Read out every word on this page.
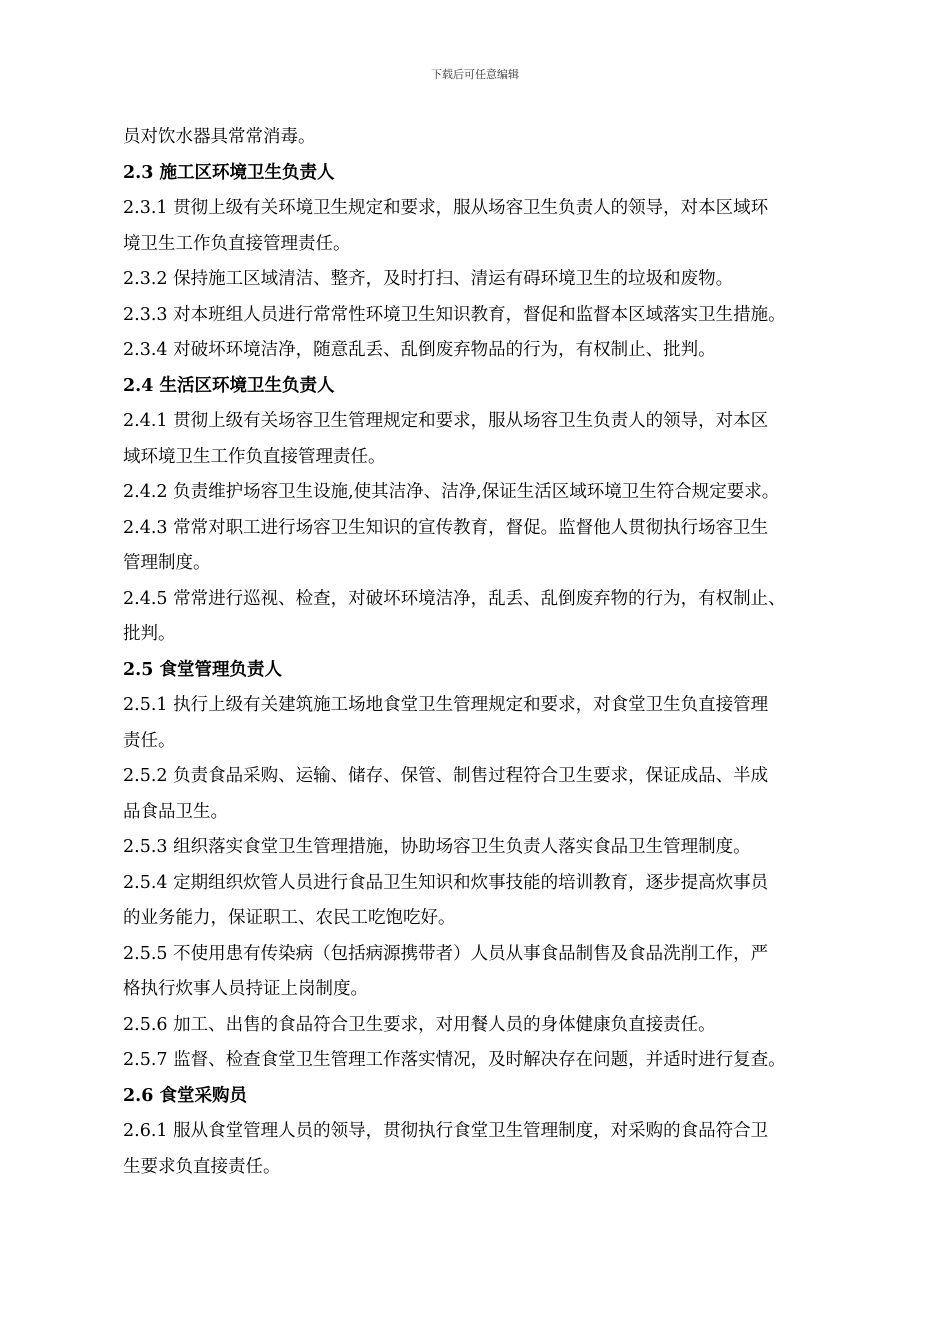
下载后可任意编辑
员对饮水器具常常消毒。
2.3 施工区环境卫生负责人
2.3.1 贯彻上级有关环境卫生规定和要求，服从场容卫生负责人的领导，对本区域环
境卫生工作负直接管理责任。
2.3.2 保持施工区域清洁、整齐，及时打扫、清运有碍环境卫生的垃圾和废物。
2.3.3 对本班组人员进行常常性环境卫生知识教育，督促和监督本区域落实卫生措施。
2.3.4 对破坏环境洁净，随意乱丢、乱倒废弃物品的行为，有权制止、批判。
2.4 生活区环境卫生负责人
2.4.1 贯彻上级有关场容卫生管理规定和要求，服从场容卫生负责人的领导，对本区
域环境卫生工作负直接管理责任。
2.4.2 负责维护场容卫生设施,使其洁净、洁净,保证生活区域环境卫生符合规定要求。
2.4.3 常常对职工进行场容卫生知识的宣传教育，督促。监督他人贯彻执行场容卫生
管理制度。
2.4.5 常常进行巡视、检查，对破坏环境洁净，乱丢、乱倒废弃物的行为，有权制止、
批判。
2.5 食堂管理负责人
2.5.1 执行上级有关建筑施工场地食堂卫生管理规定和要求，对食堂卫生负直接管理
责任。
2.5.2 负责食品采购、运输、储存、保管、制售过程符合卫生要求，保证成品、半成
品食品卫生。
2.5.3 组织落实食堂卫生管理措施，协助场容卫生负责人落实食品卫生管理制度。
2.5.4 定期组织炊管人员进行食品卫生知识和炊事技能的培训教育，逐步提高炊事员
的业务能力，保证职工、农民工吃饱吃好。
2.5.5 不使用患有传染病（包括病源携带者）人员从事食品制售及食品洗削工作，严
格执行炊事人员持证上岗制度。
2.5.6 加工、出售的食品符合卫生要求，对用餐人员的身体健康负直接责任。
2.5.7 监督、检查食堂卫生管理工作落实情况，及时解决存在问题，并适时进行复查。
2.6 食堂采购员
2.6.1 服从食堂管理人员的领导，贯彻执行食堂卫生管理制度，对采购的食品符合卫
生要求负直接责任。
